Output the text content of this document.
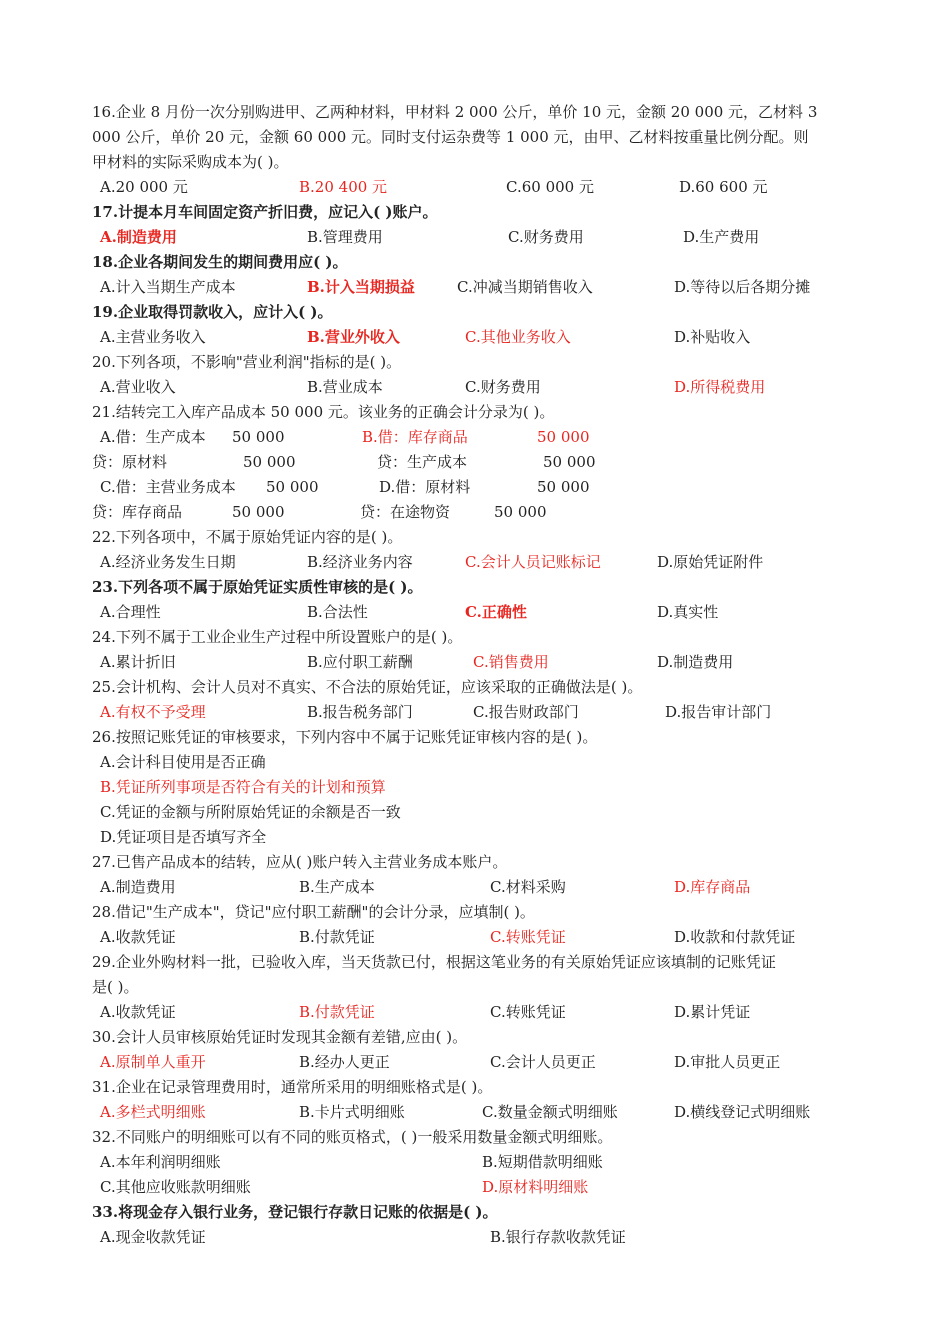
16.企业 8 月份一次分别购进甲、乙两种材料，甲材料 2 000 公斤，单价 10 元，金额 20 000 元，乙材料 3
000 公斤，单价 20 元，金额 60 000 元。同时支付运杂费等 1 000 元，由甲、乙材料按重量比例分配。则
甲材料的实际采购成本为( )。
A.20 000 元	B.20 400 元	C.60 000 元	D.60 600 元
17.计提本月车间固定资产折旧费，应记入( )账户。
A.制造费用	B.管理费用	C.财务费用	D.生产费用
18.企业各期间发生的期间费用应( )。
A.计入当期生产成本	B.计入当期损益	C.冲减当期销售收入	D.等待以后各期分摊
19.企业取得罚款收入，应计入( )。
A.主营业务收入	B.营业外收入	C.其他业务收入	D.补贴收入
20.下列各项，不影响"营业利润"指标的是( )。
A.营业收入	B.营业成本	C.财务费用	D.所得税费用
21.结转完工入库产品成本 50 000 元。该业务的正确会计分录为( )。
A.借：生产成本 50 000	B.借：库存商品	50 000
贷：原材料	50 000	贷：生产成本	50 000
C.借：主营业务成本 50 000	D.借：原材料	50 000
贷：库存商品	50 000	贷：在途物资	50 000
22.下列各项中，不属于原始凭证内容的是( )。
A.经济业务发生日期	B.经济业务内容	C.会计人员记账标记	D.原始凭证附件
23.下列各项不属于原始凭证实质性审核的是( )。
A.合理性	B.合法性	C.正确性	D.真实性
24.下列不属于工业企业生产过程中所设置账户的是( )。
A.累计折旧	B.应付职工薪酬	C.销售费用	D.制造费用
25.会计机构、会计人员对不真实、不合法的原始凭证，应该采取的正确做法是( )。
A.有权不予受理	B.报告税务部门	C.报告财政部门	D.报告审计部门
26.按照记账凭证的审核要求，下列内容中不属于记账凭证审核内容的是( )。
A.会计科目使用是否正确
B.凭证所列事项是否符合有关的计划和预算
C.凭证的金额与所附原始凭证的余额是否一致
D.凭证项目是否填写齐全
27.已售产品成本的结转，应从( )账户转入主营业务成本账户。
A.制造费用	B.生产成本	C.材料采购	D.库存商品
28.借记"生产成本"，贷记"应付职工薪酬"的会计分录，应填制( )。
A.收款凭证	B.付款凭证	C.转账凭证	D.收款和付款凭证
29.企业外购材料一批，已验收入库，当天货款已付，根据这笔业务的有关原始凭证应该填制的记账凭证
是( )。
A.收款凭证	B.付款凭证	C.转账凭证	D.累计凭证
30.会计人员审核原始凭证时发现其金额有差错,应由( )。
A.原制单人重开	B.经办人更正	C.会计人员更正	D.审批人员更正
31.企业在记录管理费用时，通常所采用的明细账格式是( )。
A.多栏式明细账	B.卡片式明细账	C.数量金额式明细账	D.横线登记式明细账
32.不同账户的明细账可以有不同的账页格式，( )一般采用数量金额式明细账。
A.本年利润明细账	B.短期借款明细账
C.其他应收账款明细账	D.原材料明细账
33.将现金存入银行业务，登记银行存款日记账的依据是( )。
A.现金收款凭证	B.银行存款收款凭证
